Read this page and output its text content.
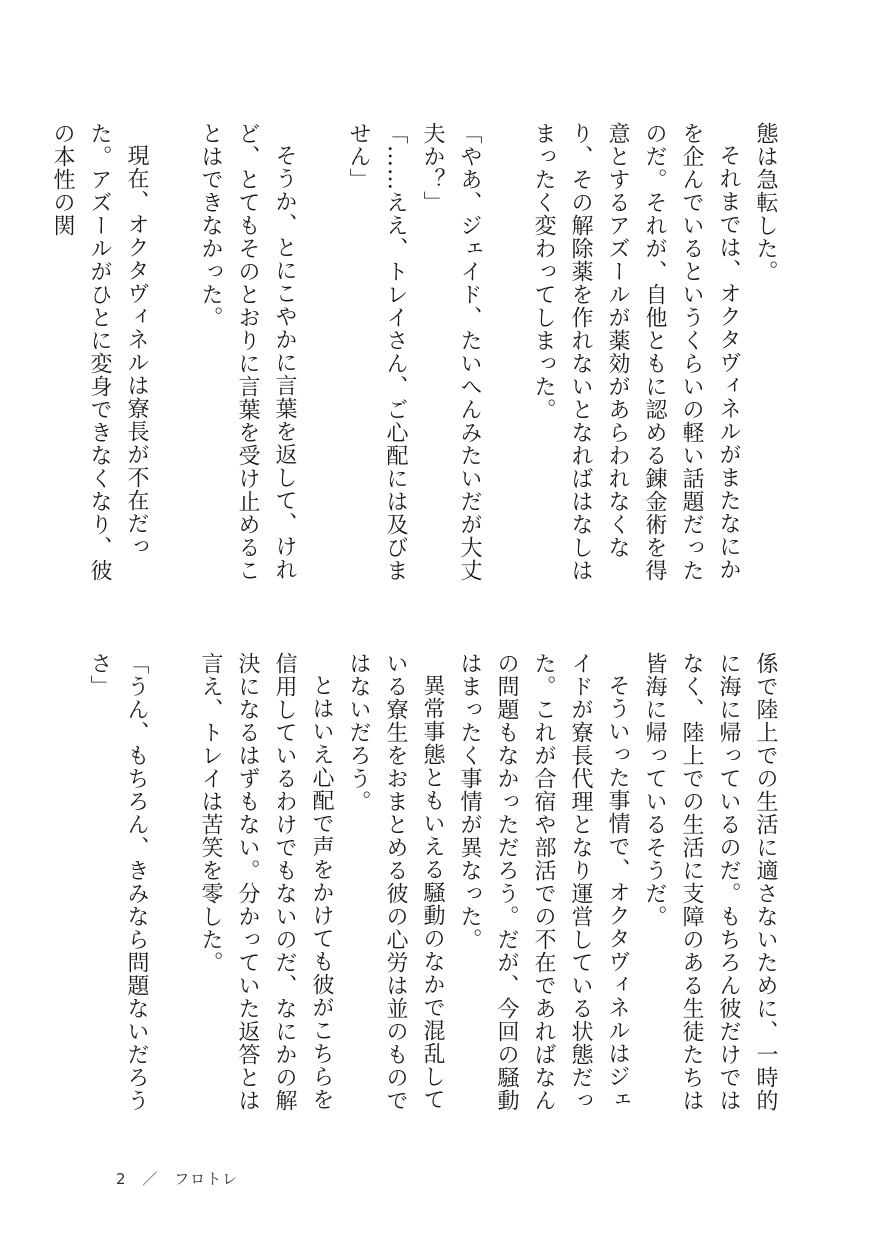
態は急転した。

それまでは、オクタヴィネルがまたなにかを企んでいるというくらいの軽い話題だったのだ。それが、自他ともに認める錬金術を得意とするアズールが薬効があらわれなくなり、その解除薬を作れないとなればはなしはまったく変わってしまった。

「やあ、ジェイド、たいへんみたいだが大丈夫か？」

「……ええ、トレイさん、ご心配には及びません」

そうか、とにこやかに言葉を返して、けれど、とてもそのとおりに言葉を受け止めることはできなかった。

現在、オクタヴィネルは寮長が不在だった。アズールがひとに変身できなくなり、彼の本性の関

係で陸上での生活に適さないために、一時的に海に帰っているのだ。もちろん彼だけではなく、陸上での生活に支障のある生徒たちは皆海に帰っているそうだ。

そういった事情で、オクタヴィネルはジェイドが寮長代理となり運営している状態だった。これが合宿や部活での不在であればなんの問題もなかっただろう。だが、今回の騒動はまったく事情が異なった。

異常事態ともいえる騒動のなかで混乱している寮生をおまとめる彼の心労は並のものではないだろう。

とはいえ心配で声をかけても彼がこちらを信用しているわけでもないのだ、なにかの解決になるはずもない。分かっていた返答とは言え、トレイは苦笑を零した。

「うん、もちろん、きみなら問題ないだろうさ」

2 ／ フロトレ
